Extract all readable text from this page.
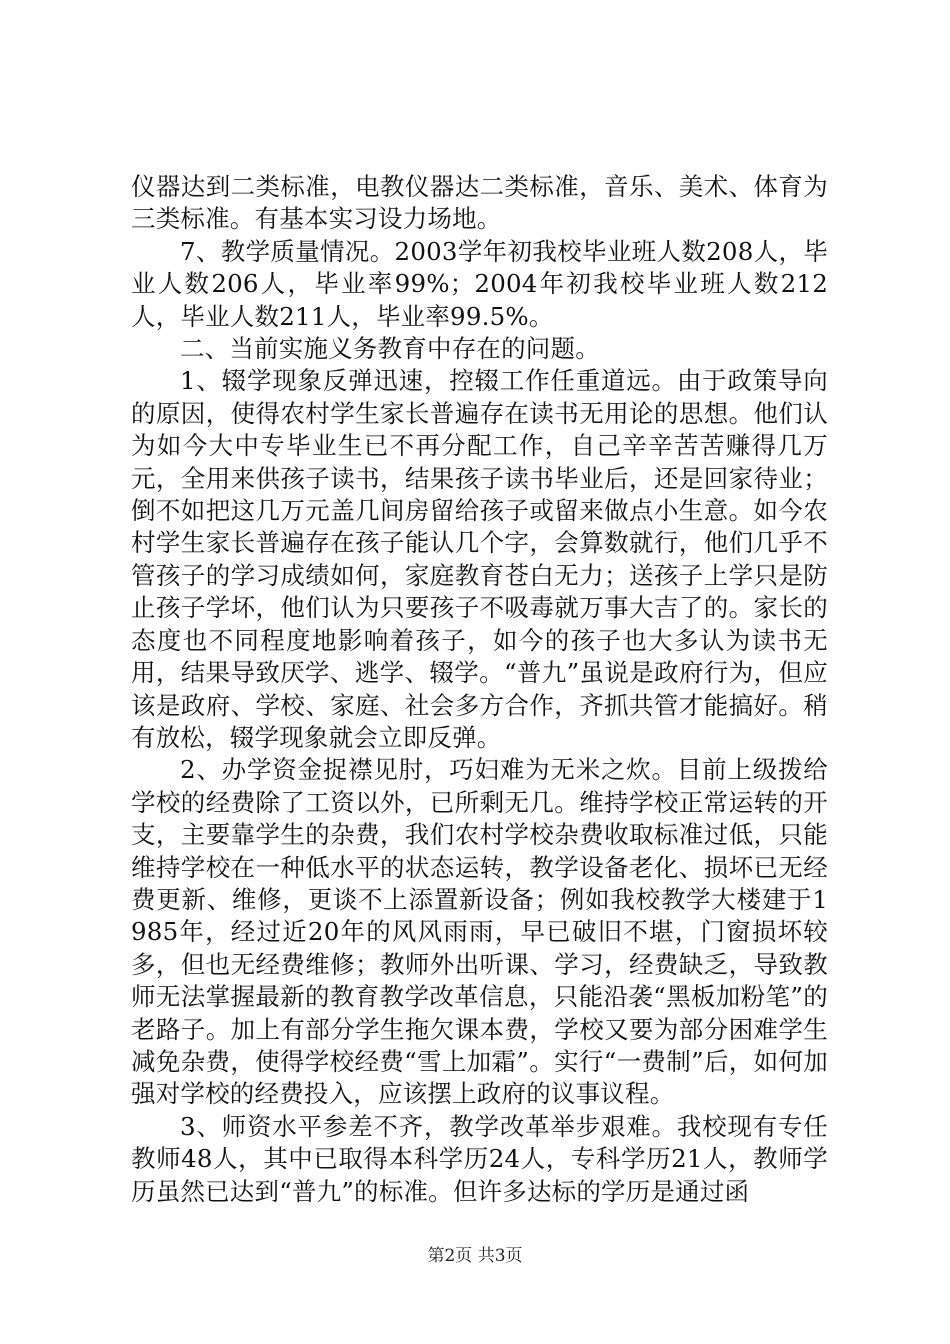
仪器达到二类标准，电教仪器达二类标准，音乐、美术、体育为三类标准。有基本实习设力场地。

7、教学质量情况。2003学年初我校毕业班人数208人，毕业人数206人，毕业率99%；2004年初我校毕业班人数212人，毕业人数211人，毕业率99.5%。

二、当前实施义务教育中存在的问题。

1、辍学现象反弹迅速，控辍工作任重道远。由于政策导向的原因，使得农村学生家长普遍存在读书无用论的思想。他们认为如今大中专毕业生已不再分配工作，自己辛辛苦苦赚得几万元，全用来供孩子读书，结果孩子读书毕业后，还是回家待业；倒不如把这几万元盖几间房留给孩子或留来做点小生意。如今农村学生家长普遍存在孩子能认几个字，会算数就行，他们几乎不管孩子的学习成绩如何，家庭教育苍白无力；送孩子上学只是防止孩子学坏，他们认为只要孩子不吸毒就万事大吉了的。家长的态度也不同程度地影响着孩子，如今的孩子也大多认为读书无用，结果导致厌学、逃学、辍学。“普九”虽说是政府行为，但应该是政府、学校、家庭、社会多方合作，齐抓共管才能搞好。稍有放松，辍学现象就会立即反弹。

2、办学资金捉襟见肘，巧妇难为无米之炊。目前上级拨给学校的经费除了工资以外，已所剩无几。维持学校正常运转的开支，主要靠学生的杂费，我们农村学校杂费收取标准过低，只能维持学校在一种低水平的状态运转，教学设备老化、损坏已无经费更新、维修，更谈不上添置新设备；例如我校教学大楼建于1985年，经过近20年的风风雨雨，早已破旧不堪，门窗损坏较多，但也无经费维修；教师外出听课、学习，经费缺乏，导致教师无法掌握最新的教育教学改革信息，只能沿袭“黑板加粉笔”的老路子。加上有部分学生拖欠课本费，学校又要为部分困难学生减免杂费，使得学校经费“雪上加霜”。实行“一费制”后，如何加强对学校的经费投入，应该摆上政府的议事议程。

3、师资水平参差不齐，教学改革举步艰难。我校现有专任教师48人，其中已取得本科学历24人，专科学历21人，教师学历虽然已达到“普九”的标准。但许多达标的学历是通过函

第2页 共3页
